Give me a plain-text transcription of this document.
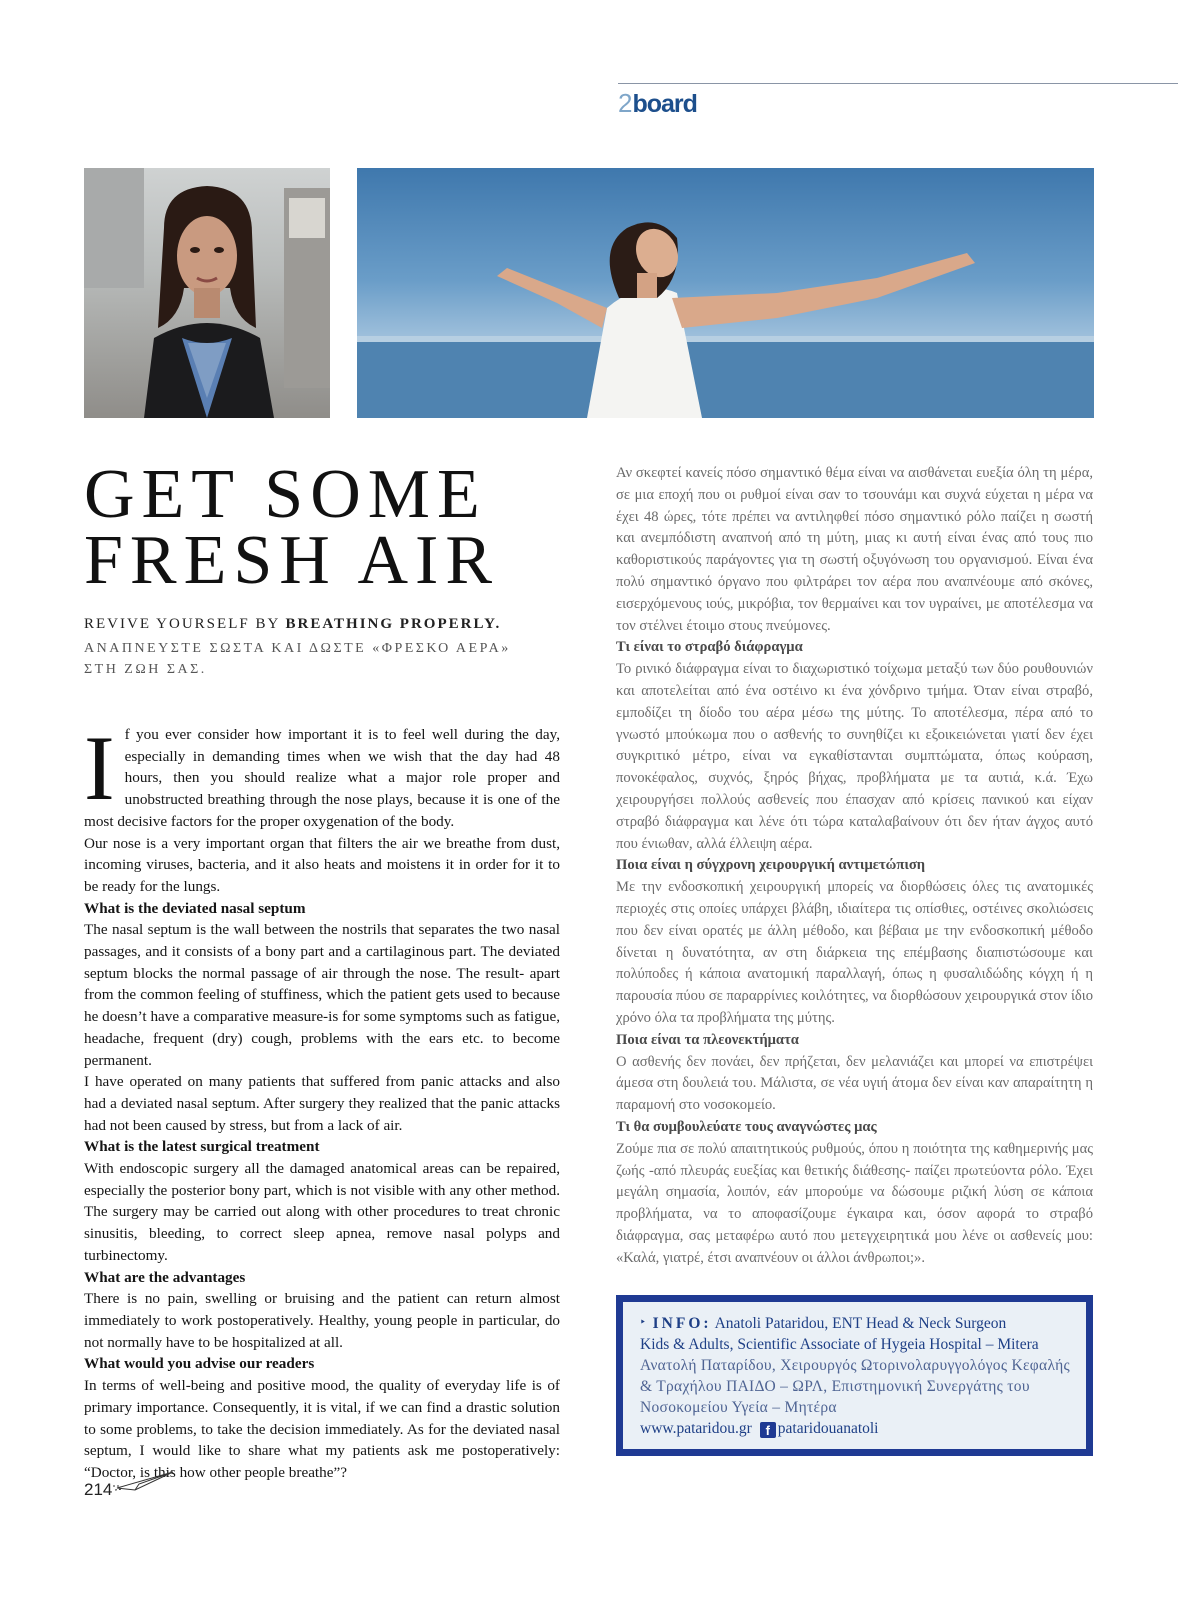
2 board
GET SOME
FRESH AIR
REVIVE YOURSELF BY BREATHING PROPERLY.
ΑΝΑΠΝΕΥΣΤΕ ΣΩΣΤΑ ΚΑΙ ΔΩΣΤΕ «ΦΡΕΣΚΟ ΑΕΡΑ» ΣΤΗ ΖΩΗ ΣΑΣ.

If you ever consider how important it is to feel well during the day, especially in demanding times when we wish that the day had 48 hours, then you should realize what a major role proper and unobstructed breathing through the nose plays, because it is one of the most decisive factors for the proper oxygenation of the body.

Our nose is a very important organ that filters the air we breathe from dust, incoming viruses, bacteria, and it also heats and moistens it in order for it to be ready for the lungs.

What is the deviated nasal septum

The nasal septum is the wall between the nostrils that separates the two nasal passages, and it consists of a bony part and a cartilaginous part. The deviated septum blocks the normal passage of air through the nose. The result- apart from the common feeling of stuffiness, which the patient gets used to because he doesn’t have a comparative measure-is for some symptoms such as fatigue, headache, frequent (dry) cough, problems with the ears etc. to become permanent.

I have operated on many patients that suffered from panic attacks and also had a deviated nasal septum. After surgery they realized that the panic attacks had not been caused by stress, but from a lack of air.

What is the latest surgical treatment

With endoscopic surgery all the damaged anatomical areas can be repaired, especially the posterior bony part, which is not visible with any other method. The surgery may be carried out along with other procedures to treat chronic sinusitis, bleeding, to correct sleep apnea, remove nasal polyps and turbinectomy.

What are the advantages

There is no pain, swelling or bruising and the patient can return almost immediately to work postoperatively. Healthy, young people in particular, do not normally have to be hospitalized at all.

What would you advise our readers

In terms of well-being and positive mood, the quality of everyday life is of primary importance. Consequently, it is vital, if we can find a drastic solution to some problems, to take the decision immediately. As for the deviated nasal septum, I would like to share what my patients ask me postoperatively: “Doctor, is this how other people breathe”?

Αν σκεφτεί κανείς πόσο σημαντικό θέμα είναι να αισθάνεται ευεξία όλη τη μέρα, σε μια εποχή που οι ρυθμοί είναι σαν το τσουνάμι και συχνά εύχεται η μέρα να έχει 48 ώρες, τότε πρέπει να αντιληφθεί πόσο σημαντικό ρόλο παίζει η σωστή και ανεμπόδιστη αναπνοή από τη μύτη, μιας κι αυτή είναι ένας από τους πιο καθοριστικούς παράγοντες για τη σωστή οξυγόνωση του οργανισμού. Είναι ένα πολύ σημαντικό όργανο που φιλτράρει τον αέρα που αναπνέουμε από σκόνες, εισερχόμενους ιούς, μικρόβια, τον θερμαίνει και τον υγραίνει, με αποτέλεσμα να τον στέλνει έτοιμο στους πνεύμονες.

Τι είναι το στραβό διάφραγμα

Το ρινικό διάφραγμα είναι το διαχωριστικό τοίχωμα μεταξύ των δύο ρουθουνιών και αποτελείται από ένα οστέινο κι ένα χόνδρινο τμήμα. Όταν είναι στραβό, εμποδίζει τη δίοδο του αέρα μέσω της μύτης. Το αποτέλεσμα, πέρα από το γνωστό μπούκωμα που ο ασθενής το συνηθίζει κι εξοικειώνεται γιατί δεν έχει συγκριτικό μέτρο, είναι να εγκαθίστανται συμπτώματα, όπως κούραση, πονοκέφαλος, συχνός, ξηρός βήχας, προβλήματα με τα αυτιά, κ.ά. Έχω χειρουργήσει πολλούς ασθενείς που έπασχαν από κρίσεις πανικού και είχαν στραβό διάφραγμα και λένε ότι τώρα καταλαβαίνουν ότι δεν ήταν άγχος αυτό που ένιωθαν, αλλά έλλειψη αέρα.

Ποια είναι η σύγχρονη χειρουργική αντιμετώπιση

Με την ενδοσκοπική χειρουργική μπορείς να διορθώσεις όλες τις ανατομικές περιοχές στις οποίες υπάρχει βλάβη, ιδιαίτερα τις οπίσθιες, οστέινες σκολιώσεις που δεν είναι ορατές με άλλη μέθοδο, και βέβαια με την ενδοσκοπική μέθοδο δίνεται η δυνατότητα, αν στη διάρκεια της επέμβασης διαπιστώσουμε και πολύποδες ή κάποια ανατομική παραλλαγή, όπως η φυσαλιδώδης κόγχη ή η παρουσία πύου σε παραρρίνιες κοιλότητες, να διορθώσουν χειρουργικά στον ίδιο χρόνο όλα τα προβλήματα της μύτης.

Ποια είναι τα πλεονεκτήματα

Ο ασθενής δεν πονάει, δεν πρήζεται, δεν μελανιάζει και μπορεί να επιστρέψει άμεσα στη δουλειά του. Μάλιστα, σε νέα υγιή άτομα δεν είναι καν απαραίτητη η παραμονή στο νοσοκομείο.

Τι θα συμβουλεύατε τους αναγνώστες μας

Ζούμε πια σε πολύ απαιτητικούς ρυθμούς, όπου η ποιότητα της καθημερινής μας ζωής -από πλευράς ευεξίας και θετικής διάθεσης- παίζει πρωτεύοντα ρόλο. Έχει μεγάλη σημασία, λοιπόν, εάν μπορούμε να δώσουμε ριζική λύση σε κάποια προβλήματα, να το αποφασίζουμε έγκαιρα και, όσον αφορά το στραβό διάφραγμα, σας μεταφέρω αυτό που μετεγχειρητικά μου λένε οι ασθενείς μου: «Καλά, γιατρέ, έτσι αναπνέουν οι άλλοι άνθρωποι;».

‣ INFO: Anatoli Pataridou, ENT Head & Neck Surgeon

Kids & Adults, Scientific Associate of Hygeia Hospital – Mitera

Ανατολή Παταρίδου, Χειρουργός Ωτορινολαρυγγολόγος Κεφαλής & Τραχήλου ΠΑΙΔΟ – ΩΡΛ, Επιστημονική Συνεργάτης του Νοσοκομείου Υγεία – Μητέρα

www.pataridou.gr f pataridouanatoli

214
